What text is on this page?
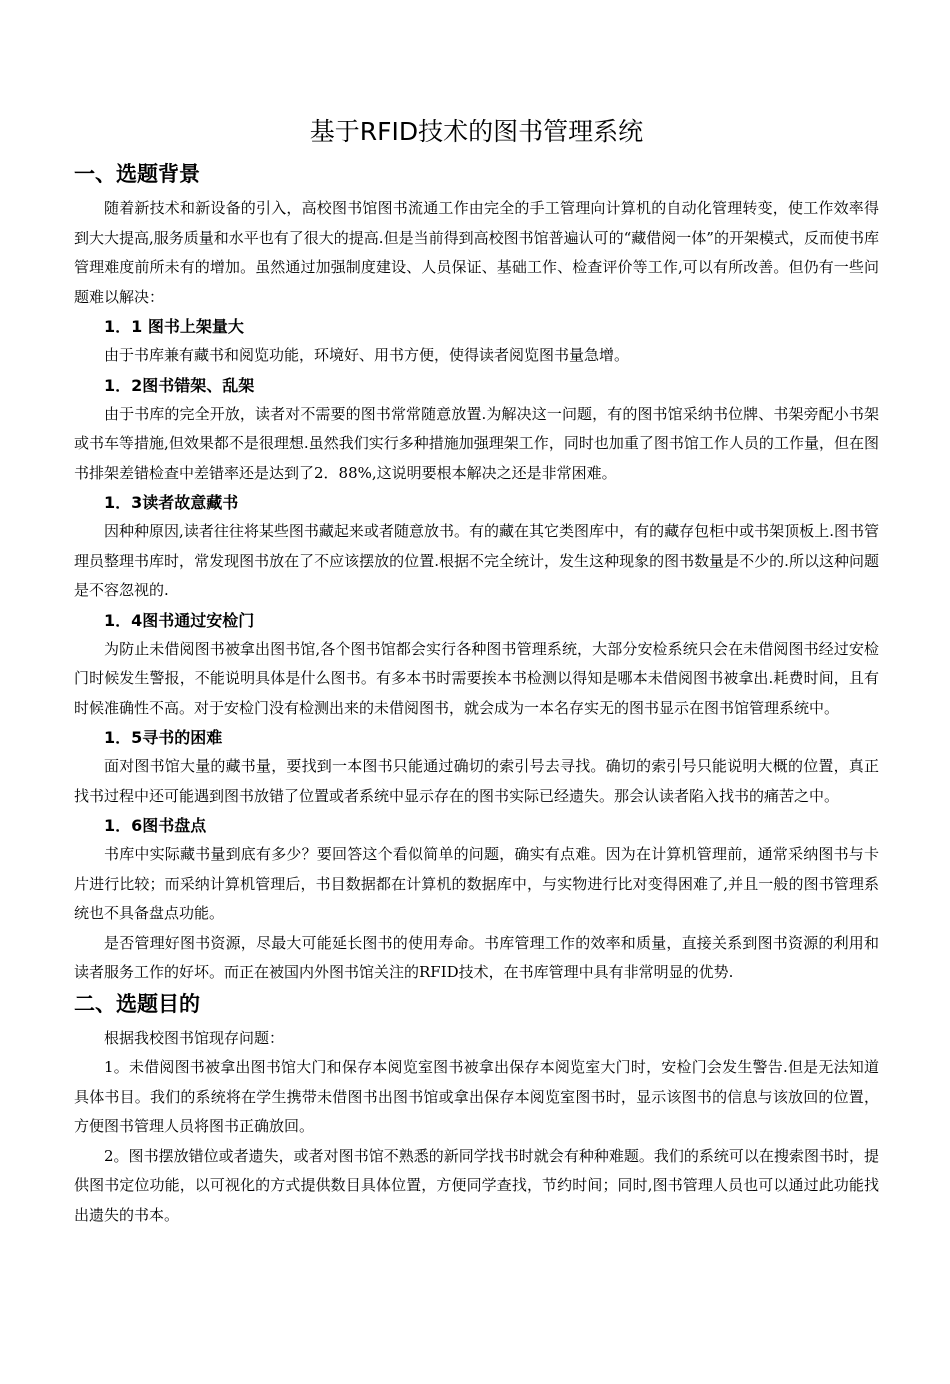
基于RFID技术的图书管理系统
一、选题背景

随着新技术和新设备的引入，高校图书馆图书流通工作由完全的手工管理向计算机的自动化管理转变，使工作效率得到大大提高,服务质量和水平也有了很大的提高.但是当前得到高校图书馆普遍认可的“藏借阅一体”的开架模式，反而使书库管理难度前所未有的增加。虽然通过加强制度建设、人员保证、基础工作、检查评价等工作,可以有所改善。但仍有一些问题难以解决：

1．1 图书上架量大

由于书库兼有藏书和阅览功能，环境好、用书方便，使得读者阅览图书量急增。

1．2图书错架、乱架

由于书库的完全开放，读者对不需要的图书常常随意放置.为解决这一问题，有的图书馆采纳书位牌、书架旁配小书架或书车等措施,但效果都不是很理想.虽然我们实行多种措施加强理架工作，同时也加重了图书馆工作人员的工作量，但在图书排架差错检查中差错率还是达到了2．88%,这说明要根本解决之还是非常困难。

1．3读者故意藏书

因种种原因,读者往往将某些图书藏起来或者随意放书。有的藏在其它类图库中，有的藏存包柜中或书架顶板上.图书管理员整理书库时，常发现图书放在了不应该摆放的位置.根据不完全统计，发生这种现象的图书数量是不少的.所以这种问题是不容忽视的.

1．4图书通过安检门

为防止未借阅图书被拿出图书馆,各个图书馆都会实行各种图书管理系统，大部分安检系统只会在未借阅图书经过安检门时候发生警报，不能说明具体是什么图书。有多本书时需要挨本书检测以得知是哪本未借阅图书被拿出.耗费时间，且有时候准确性不高。对于安检门没有检测出来的未借阅图书，就会成为一本名存实无的图书显示在图书馆管理系统中。

1．5寻书的困难

面对图书馆大量的藏书量，要找到一本图书只能通过确切的索引号去寻找。确切的索引号只能说明大概的位置，真正找书过程中还可能遇到图书放错了位置或者系统中显示存在的图书实际已经遗失。那会认读者陷入找书的痛苦之中。

1．6图书盘点

书库中实际藏书量到底有多少？要回答这个看似简单的问题，确实有点难。因为在计算机管理前，通常采纳图书与卡片进行比较；而采纳计算机管理后，书目数据都在计算机的数据库中，与实物进行比对变得困难了,并且一般的图书管理系统也不具备盘点功能。

是否管理好图书资源，尽最大可能延长图书的使用寿命。书库管理工作的效率和质量，直接关系到图书资源的利用和读者服务工作的好坏。而正在被国内外图书馆关注的RFID技术，在书库管理中具有非常明显的优势.

二、选题目的

根据我校图书馆现存问题：

1。未借阅图书被拿出图书馆大门和保存本阅览室图书被拿出保存本阅览室大门时，安检门会发生警告.但是无法知道具体书目。我们的系统将在学生携带未借图书出图书馆或拿出保存本阅览室图书时，显示该图书的信息与该放回的位置，方便图书管理人员将图书正确放回。

2。图书摆放错位或者遗失，或者对图书馆不熟悉的新同学找书时就会有种种难题。我们的系统可以在搜索图书时，提供图书定位功能，以可视化的方式提供数目具体位置，方便同学查找，节约时间；同时,图书管理人员也可以通过此功能找出遗失的书本。
